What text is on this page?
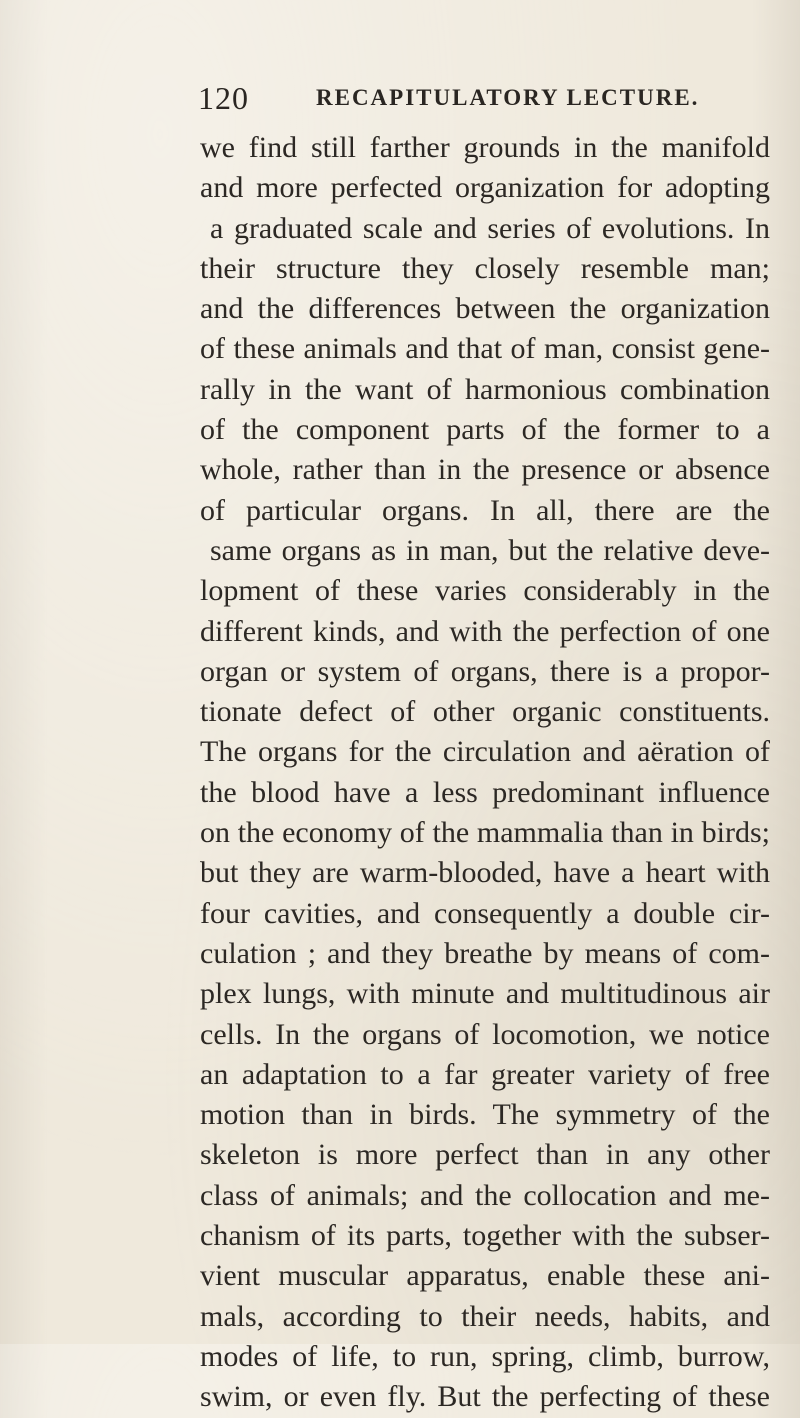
120	RECAPITULATORY LECTURE.
we find still farther grounds in the manifold
and more perfected organization for adopting
a graduated scale and series of evolutions. In
their structure they closely resemble man;
and the differences between the organization
of these animals and that of man, consist gene-
rally in the want of harmonious combination
of the component parts of the former to a
whole, rather than in the presence or absence
of particular organs. In all, there are the
same organs as in man, but the relative deve-
lopment of these varies considerably in the
different kinds, and with the perfection of one
organ or system of organs, there is a propor-
tionate defect of other organic constituents.
The organs for the circulation and aëration of
the blood have a less predominant influence
on the economy of the mammalia than in birds;
but they are warm-blooded, have a heart with
four cavities, and consequently a double cir-
culation ; and they breathe by means of com-
plex lungs, with minute and multitudinous air
cells. In the organs of locomotion, we notice
an adaptation to a far greater variety of free
motion than in birds. The symmetry of the
skeleton is more perfect than in any other
class of animals; and the collocation and me-
chanism of its parts, together with the subser-
vient muscular apparatus, enable these ani-
mals, according to their needs, habits, and
modes of life, to run, spring, climb, burrow,
swim, or even fly. But the perfecting of these
